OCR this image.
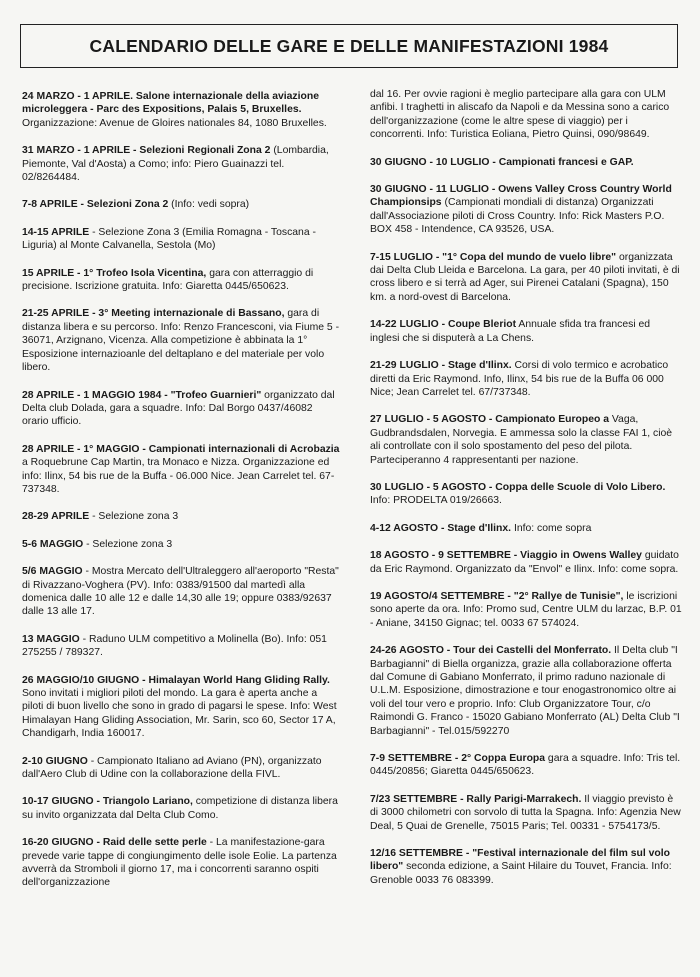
CALENDARIO DELLE GARE E DELLE MANIFESTAZIONI 1984

24 MARZO - 1 APRILE. Salone internazionale della aviazione microleggera - Parc des Expositions, Palais 5, Bruxelles. Organizzazione: Avenue de Gloires nationales 84, 1080 Bruxelles.

31 MARZO - 1 APRILE - Selezioni Regionali Zona 2 (Lombardia, Piemonte, Val d'Aosta) a Como; info: Piero Guainazzi tel. 02/8264484.

7-8 APRILE - Selezioni Zona 2 (Info: vedi sopra)

14-15 APRILE - Selezione Zona 3 (Emilia Romagna - Toscana - Liguria) al Monte Calvanella, Sestola (Mo)

15 APRILE - 1° Trofeo Isola Vicentina, gara con atterraggio di precisione. Iscrizione gratuita. Info: Giaretta 0445/650623.

21-25 APRILE - 3° Meeting internazionale di Bassano, gara di distanza libera e su percorso. Info: Renzo Francesconi, via Fiume 5 - 36071, Arzignano, Vicenza. Alla competizione è abbinata la 1° Esposizione internazioanle del deltaplano e del materiale per volo libero.

28 APRILE - 1 MAGGIO 1984 - "Trofeo Guarnieri" organizzato dal Delta club Dolada, gara a squadre. Info: Dal Borgo 0437/46082 orario ufficio.

28 APRILE - 1° MAGGIO - Campionati internazionali di Acrobazia a Roquebrune Cap Martin, tra Monaco e Nizza. Organizzazione ed info: Ilinx, 54 bis rue de la Buffa - 06.000 Nice. Jean Carrelet tel. 67-737348.

28-29 APRILE - Selezione zona 3

5-6 MAGGIO - Selezione zona 3

5/6 MAGGIO - Mostra Mercato dell'Ultraleggero all'aeroporto "Resta" di Rivazzano-Voghera (PV). Info: 0383/91500 dal martedì alla domenica dalle 10 alle 12 e dalle 14,30 alle 19; oppure 0383/92637 dalle 13 alle 17.

13 MAGGIO - Raduno ULM competitivo a Molinella (Bo). Info: 051 275255 / 789327.

26 MAGGIO/10 GIUGNO - Himalayan World Hang Gliding Rally. Sono invitati i migliori piloti del mondo. La gara è aperta anche a piloti di buon livello che sono in grado di pagarsi le spese. Info: West Himalayan Hang Gliding Association, Mr. Sarin, sco 60, Sector 17 A, Chandigarh, India 160017.

2-10 GIUGNO - Campionato Italiano ad Aviano (PN), organizzato dall'Aero Club di Udine con la collaborazione della FIVL.

10-17 GIUGNO - Triangolo Lariano, competizione di distanza libera su invito organizzata dal Delta Club Como.

16-20 GIUGNO - Raid delle sette perle - La manifestazione-gara prevede varie tappe di congiungimento delle isole Eolie. La partenza avverrà da Stromboli il giorno 17, ma i concorrenti saranno ospiti dell'organizzazione

dal 16. Per ovvie ragioni è meglio partecipare alla gara con ULM anfibi. I traghetti in aliscafo da Napoli e da Messina sono a carico dell'organizzazione (come le altre spese di viaggio) per i concorrenti. Info: Turistica Eoliana, Pietro Quinsi, 090/98649.

30 GIUGNO - 10 LUGLIO - Campionati francesi e GAP.

30 GIUGNO - 11 LUGLIO - Owens Valley Cross Country World Championsips (Campionati mondiali di distanza) Organizzati dall'Associazione piloti di Cross Country. Info: Rick Masters P.O. BOX 458 - Intendence, CA 93526, USA.

7-15 LUGLIO - "1° Copa del mundo de vuelo libre" organizzata dai Delta Club Lleida e Barcelona. La gara, per 40 piloti invitati, è di cross libero e si terrà ad Ager, sui Pirenei Catalani (Spagna), 150 km. a nord-ovest di Barcelona.

14-22 LUGLIO - Coupe Bleriot Annuale sfida tra francesi ed inglesi che si disputerà a La Chens.

21-29 LUGLIO - Stage d'Ilinx. Corsi di volo termico e acrobatico diretti da Eric Raymond. Info, Ilinx, 54 bis rue de la Buffa 06 000 Nice; Jean Carrelet tel. 67/737348.

27 LUGLIO - 5 AGOSTO - Campionato Europeo a Vaga, Gudbrandsdalen, Norvegia. E ammessa solo la classe FAI 1, cioè ali controllate con il solo spostamento del peso del pilota. Parteciperanno 4 rappresentanti per nazione.

30 LUGLIO - 5 AGOSTO - Coppa delle Scuole di Volo Libero. Info: PRODELTA 019/26663.

4-12 AGOSTO - Stage d'Ilinx. Info: come sopra

18 AGOSTO - 9 SETTEMBRE - Viaggio in Owens Walley guidato da Eric Raymond. Organizzato da "Envol" e Ilinx. Info: come sopra.

19 AGOSTO/4 SETTEMBRE - "2° Rallye de Tunisie", le iscrizioni sono aperte da ora. Info: Promo sud, Centre ULM du larzac, B.P. 01 - Aniane, 34150 Gignac; tel. 0033 67 574024.

24-26 AGOSTO - Tour dei Castelli del Monferrato. Il Delta club "I Barbagianni" di Biella organizza, grazie alla collaborazione offerta dal Comune di Gabiano Monferrato, il primo raduno nazionale di U.L.M. Esposizione, dimostrazione e tour enogastronomico oltre ai voli del tour vero e proprio. Info: Club Organizzatore Tour, c/o Raimondi G. Franco - 15020 Gabiano Monferrato (AL) Delta Club "I Barbagianni" - Tel.015/592270

7-9 SETTEMBRE - 2° Coppa Europa gara a squadre. Info: Tris tel. 0445/20856; Giaretta 0445/650623.

7/23 SETTEMBRE - Rally Parigi-Marrakech. Il viaggio previsto è di 3000 chilometri con sorvolo di tutta la Spagna. Info: Agenzia New Deal, 5 Quai de Grenelle, 75015 Paris; Tel. 00331 - 5754173/5.

12/16 SETTEMBRE - "Festival internazionale del film sul volo libero" seconda edizione, a Saint Hilaire du Touvet, Francia. Info: Grenoble 0033 76 083399.
